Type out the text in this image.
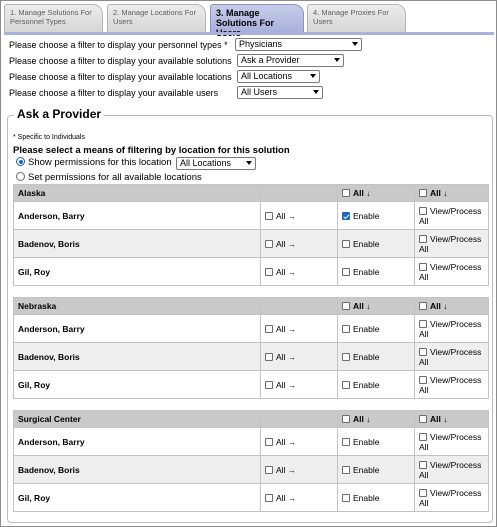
1. Manage Solutions For Personnel Types
2. Manage Locations For Users
3. Manage Solutions For
4. Manage Proxies For Users
Please choose a filter to display your personnel types *	Physicians
Please choose a filter to display your available solutions	Ask a Provider
Please choose a filter to display your available locations	All Locations
Please choose a filter to display your available users	All Users
Ask a Provider
* Specific to Individuals
Please select a means of filtering by location for this solution
Show permissions for this location All Locations
Set permissions for all available locations
Alaska		All ↓	All ↓
Anderson, Barry	All →	Enable	View/Process
All
Badenov, Boris	All →	Enable	View/Process
All
Gil, Roy	All →	Enable	View/Process
All
Nebraska		All ↓	All ↓
Anderson, Barry	All →	Enable	View/Process
All
Badenov, Boris	All →	Enable	View/Process
All
Gil, Roy	All →	Enable	View/Process
All
Surgical Center		All ↓	All ↓
Anderson, Barry	All →	Enable	View/Process
All
Badenov, Boris	All →	Enable	View/Process
All
Gil, Roy	All →	Enable	View/Process
All
